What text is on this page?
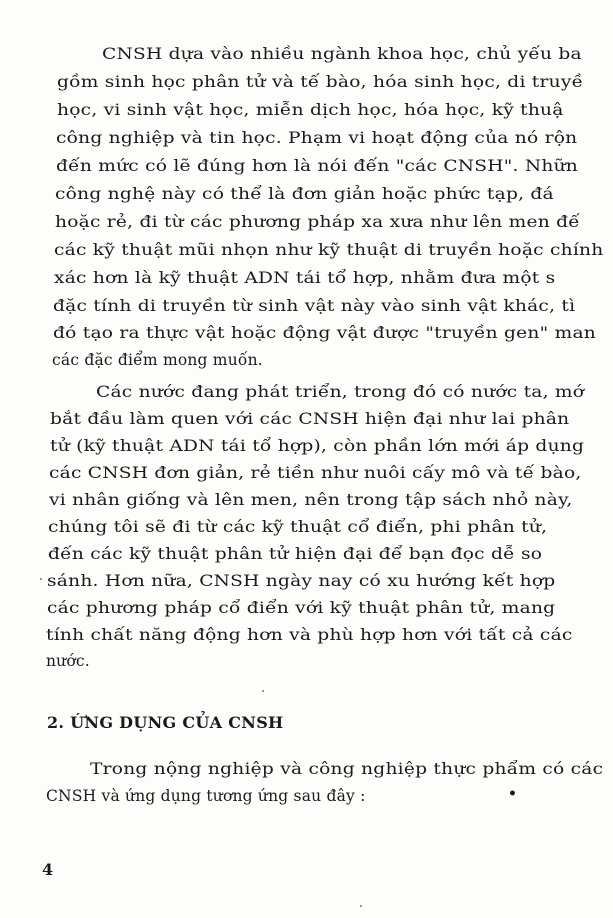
CNSH dựa vào nhiều ngành khoa học, chủ yếu ba
gồm sinh học phân tử và tế bào, hóa sinh học, di truyề
học, vi sinh vật học, miễn dịch học, hóa học, kỹ thuậ
công nghiệp và tin học. Phạm vi hoạt động của nó rộn
đến mức có lẽ đúng hơn là nói đến "các CNSH". Nhữn
công nghệ này có thể là đơn giản hoặc phức tạp, đá
hoặc rẻ, đi từ các phương pháp xa xưa như lên men đế
các kỹ thuật mũi nhọn như kỹ thuật di truyền hoặc chính
xác hơn là kỹ thuật ADN tái tổ hợp, nhằm đưa một s
đặc tính di truyền từ sinh vật này vào sinh vật khác, tì
đó tạo ra thực vật hoặc động vật được "truyền gen" man
các đặc điểm mong muốn.
Các nước đang phát triển, trong đó có nước ta, mớ
bắt đầu làm quen với các CNSH hiện đại như lai phân
tử (kỹ thuật ADN tái tổ hợp), còn phần lớn mới áp dụng
các CNSH đơn giản, rẻ tiền như nuôi cấy mô và tế bào,
vi nhân giống và lên men, nên trong tập sách nhỏ này,
chúng tôi sẽ đi từ các kỹ thuật cổ điển, phi phân tử,
đến các kỹ thuật phân tử hiện đại để bạn đọc dễ so
sánh. Hơn nữa, CNSH ngày nay có xu hướng kết hợp
các phương pháp cổ điển với kỹ thuật phân tử, mang
tính chất năng động hơn và phù hợp hơn với tất cả các
nước.
2. ỨNG DỤNG CỦA CNSH
Trong nộng nghiệp và công nghiệp thực phẩm có các
CNSH và ứng dụng tương ứng sau đây :	•
4
